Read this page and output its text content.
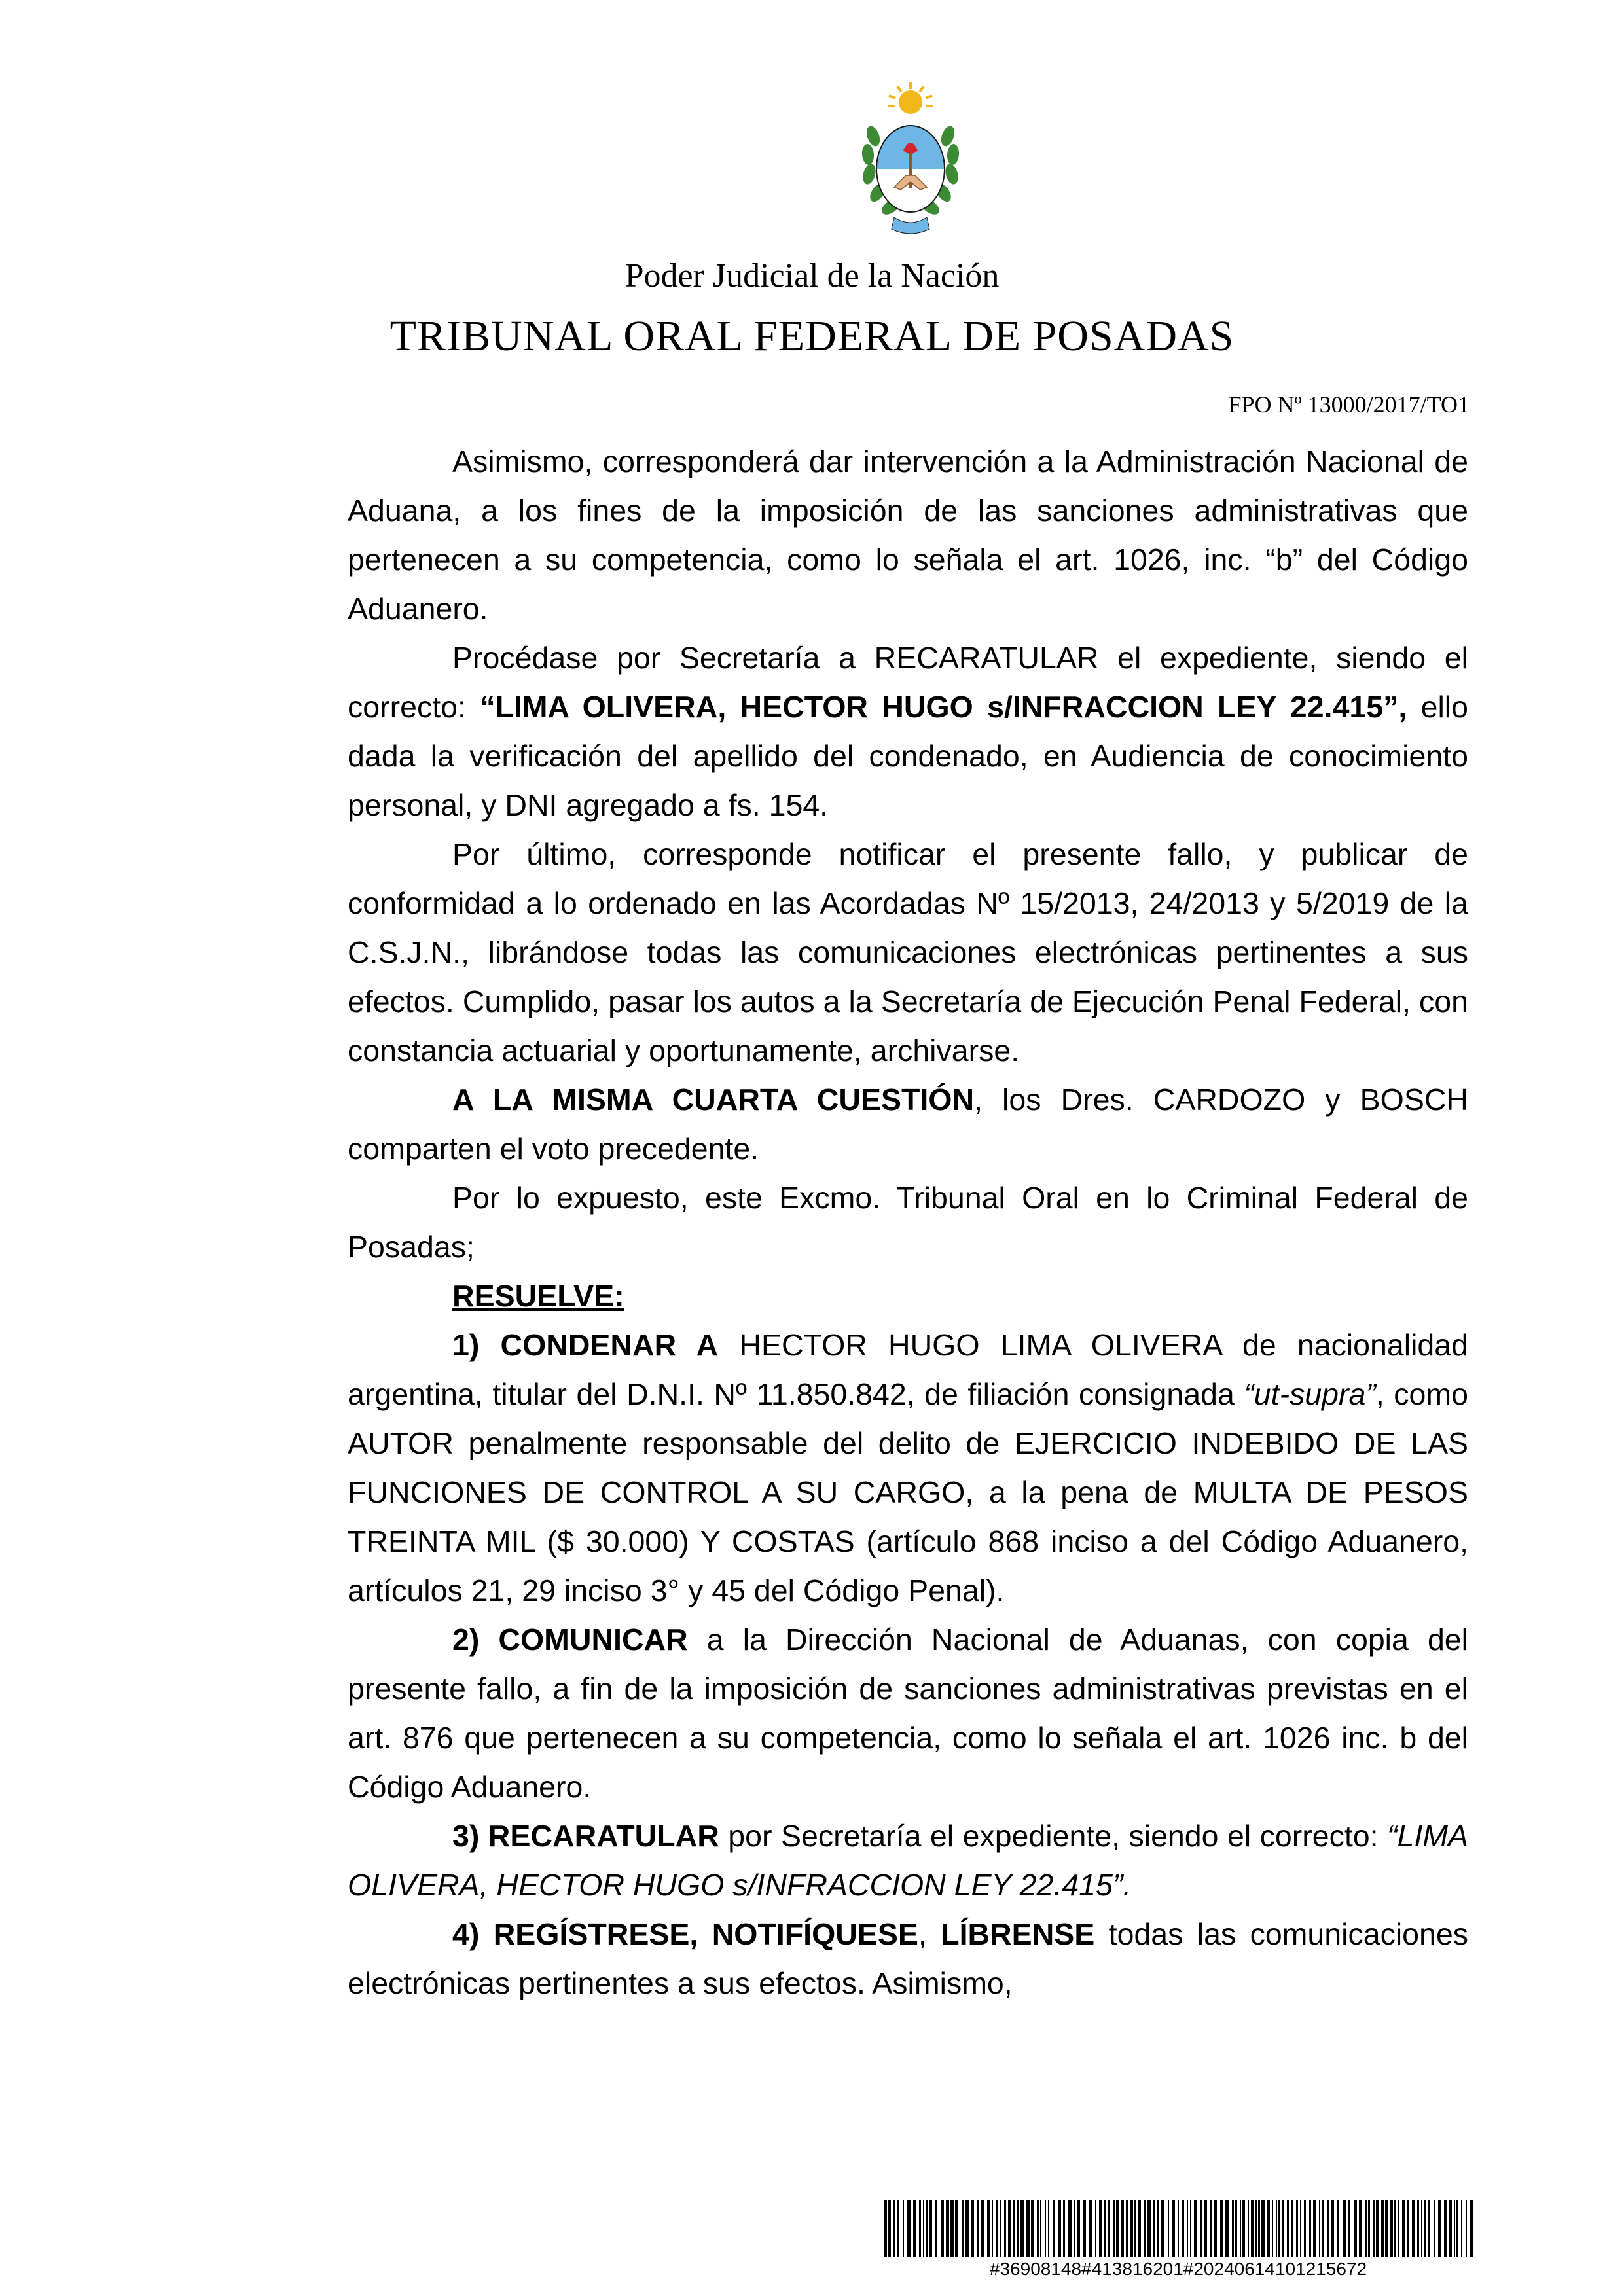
Poder Judicial de la Nación
TRIBUNAL ORAL FEDERAL DE POSADAS
FPO Nº 13000/2017/TO1

Asimismo, corresponderá dar intervención a la Administración Nacional de Aduana, a los fines de la imposición de las sanciones administrativas que pertenecen a su competencia, como lo señala el art. 1026, inc. “b” del Código Aduanero.

Procédase por Secretaría a RECARATULAR el expediente, siendo el correcto: “LIMA OLIVERA, HECTOR HUGO s/INFRACCION LEY 22.415”, ello dada la verificación del apellido del condenado, en Audiencia de conocimiento personal, y DNI agregado a fs. 154.

Por último, corresponde notificar el presente fallo, y publicar de conformidad a lo ordenado en las Acordadas Nº 15/2013, 24/2013 y 5/2019 de la C.S.J.N., librándose todas las comunicaciones electrónicas pertinentes a sus efectos. Cumplido, pasar los autos a la Secretaría de Ejecución Penal Federal, con constancia actuarial y oportunamente, archivarse.

A LA MISMA CUARTA CUESTIÓN, los Dres. CARDOZO y BOSCH comparten el voto precedente.

Por lo expuesto, este Excmo. Tribunal Oral en lo Criminal Federal de Posadas;

RESUELVE:

1) CONDENAR A HECTOR HUGO LIMA OLIVERA de nacionalidad argentina, titular del D.N.I. Nº 11.850.842, de filiación consignada “ut-supra”, como AUTOR penalmente responsable del delito de EJERCICIO INDEBIDO DE LAS FUNCIONES DE CONTROL A SU CARGO, a la pena de MULTA DE PESOS TREINTA MIL ($ 30.000) Y COSTAS (artículo 868 inciso a del Código Aduanero, artículos 21, 29 inciso 3° y 45 del Código Penal).

2) COMUNICAR a la Dirección Nacional de Aduanas, con copia del presente fallo, a fin de la imposición de sanciones administrativas previstas en el art. 876 que pertenecen a su competencia, como lo señala el art. 1026 inc. b del Código Aduanero.

3) RECARATULAR por Secretaría el expediente, siendo el correcto: “LIMA OLIVERA, HECTOR HUGO s/INFRACCION LEY 22.415”.

4) REGÍSTRESE, NOTIFÍQUESE, LÍBRENSE todas las comunicaciones electrónicas pertinentes a sus efectos. Asimismo,

#36908148#413816201#20240614101215672
